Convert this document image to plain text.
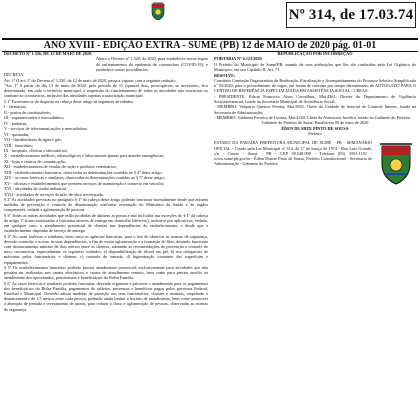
Nº 314, de 17.03.74
ANO XVIII - EDIÇÃO EXTRA - SUMÉ (PB) 12 de MAIO de 2020 pág. 01-01

DECRETO Nº 1.326, DE 12 DE MAIO DE 2020.

Altera o Decreto nº 1.320, de 2020, para estabelecer novas regras de enfrentamento da epidemia de coronavírus (COVID-19), e estabelece outras providências.

DECRETA:

Art. 1º O art. 1º do Decreto nº 1.320, de 12 de maio de 2020, passa a vigorar com a seguinte redação:

"Art. 1º A partir do dia 13 de maio de 2020, pelo período de 15 (quinze) dias, prorrogáveis, se necessário, fica determinado, em todo o território municipal, a suspensão do funcionamento de todas as atividades não essenciais ao combate ao coronavírus, inclusive das atividades sujeitas a autorização municipal.

§ 1º Excetuam-se do disposto na cabeça deste artigo as seguintes atividades:

I - farmácias;

II - postos de combustíveis;

III - supermercados e mercadinhos;

IV - padarias;

V - serviços de telecomunicações e mercadinhos;

VI - quitandas;

VII - distribuidoras de água e gás;

VIII - funerárias;

IX - hospitais, clínicas e laboratórios;

X - estabelecimentos médicos, odontológicos e laboratoriais apenas para atender emergências;

XI - lojas e centros de comunicação;

XII - estabelecimentos de vendas de ração e produtos veterinários;

XIII - estabelecimentos bancários, observadas as determinações contidas no § 4º deste artigo;

XIV - as casas lotéricas e similares, observadas as determinações contidas no § 5º deste artigo;

XV - oficinas e estabelecimentos que prestem serviços de manutenção e conserto em veículos;

XVI - atividades de cunho industrial;

XVII - atividades de serviços de mão-de-obra terceirizada;

§ 2º As atividades previstas no parágrafo § 1º da cabeça deste artigo poderão funcionar normalmente desde que adotem medidas de prevenção e controle de disseminação conforme orientação do Ministério da Saúde e de órgãos competentes, vedada a aglomeração de pessoas.

§ 3º Todas as outras atividades que estão proibidas de abrirem as portas e não incluídas nas exceções do § 1º da cabeça do artigo 1º ficam autorizadas a funcionar através de entrega em domicílio (delivery), inclusive por aplicativos, vedado, em qualquer caso, o atendimento presencial de clientes nas dependências do estabelecimento, e desde que o estabelecimento disponha de serviço de entrega.

§ 4º As casas lotéricas e similares, bem como as agências bancárias, para o fim de observar as normas de segurança, deverão controlar o acesso às suas dependências, a fim de evitar aglomeração e a formação de filas, devendo funcionar com distanciamento mínimo de dois metros entre os clientes, adotando as recomendações de prevenção e controle do novo coronavírus, especialmente os seguintes cuidados: a) disponibilização de álcool em gel, b) uso obrigatório de máscaras pelos funcionários e clientes, c) controle de entrada, d) higienização constante das superfícies e equipamentos.

§ 5º Os estabelecimentos bancários poderão prestar atendimento presencial, exclusivamente para atividades que não possam ser realizadas nos canais eletrônicos e canais de atendimento remoto, bem como para prestar auxílio ao atendimento dos aposentados, pensionistas e beneficiários do Bolsa Família.

§ 6º As casas lotéricas e similares poderão funcionar, devendo organizar e priorizar o atendimento para os pagamentos dos beneficiários do Bolsa Família, pagamentos de salários, proventos e benefícios pagos pelos governos Federal, Estadual e Municipal. Deverão adotar medidas de proteção aos seus funcionários, clientes e usuários, respeitado o distanciamento de 1,5 metros entre cada pessoa, podendo ainda limitar o horário de atendimento, bem como promover a alteração de jornada e revezamento de turnos, para reduzir o fluxo e aglomeração de pessoas, observadas as normas de segurança.

REPUBLICAÇÃO POR INCORREÇÃO

PORTARIA Nº 6.123/2020

O Prefeito do Município de Sumé/PB, usando de suas atribuições que lhe são conferidas pela Lei Orgânica do Município, em seu Capítulo II, Art. 71.

RESOLVE:

Constituir Comissão Organizadora de Realização, Fiscalização e Acompanhamento do Processo Seletivo Simplificado nº 05/2020, para o procedimento de vagas, em forma de contrato por tempo determinado, de ADVOGADO PARA O CENTRO DE REFERÊNCIA ESPECIALIZADA EM ASSISTÊNCIA SOCIAL - CREAS:

- PRESIDENTE: Edson Francisco Alves Carvalhais, Mat.4361, Diretor do Departamento de Vigilância Socioassistencial, lotado na Secretaria Municipal de Assistência Social;

- MEMBRO: Valquíria Queiroz Pereira, Mat.5935, Chefe da Unidade de Setorial de Controle Interno, lotada na Secretaria de Administração;

- MEMBRO: Valdemir Ferreira de Lucena, Mat.4329, Chefe da Assessoria Jurídica, lotado no Gabinete do Prefeito.

Gabinete do Prefeito de Sumé, Paraíba em 09 de maio de 2020

ÉDEN DUARTE PINTO DE SOUSA

Prefeito

ESTADO DA PARAÍBA PREFEITURA MUNICIPAL DE SUMÉ - PB - SEMANÁRIO OFICIAL - Criado pela Lei Municipal nº 314, de 17 de março de 1974 - Rua Luiz Grande, s/n - Centro - Sumé - PB - CEP 58.540-000 - Telefone (83) 3353-1191 - www.sume.pb.gov.br - Édem Duarte Pinto de Sousa, Prefeito Constitucional - Secretaria de Administração - Gabinete do Prefeito
